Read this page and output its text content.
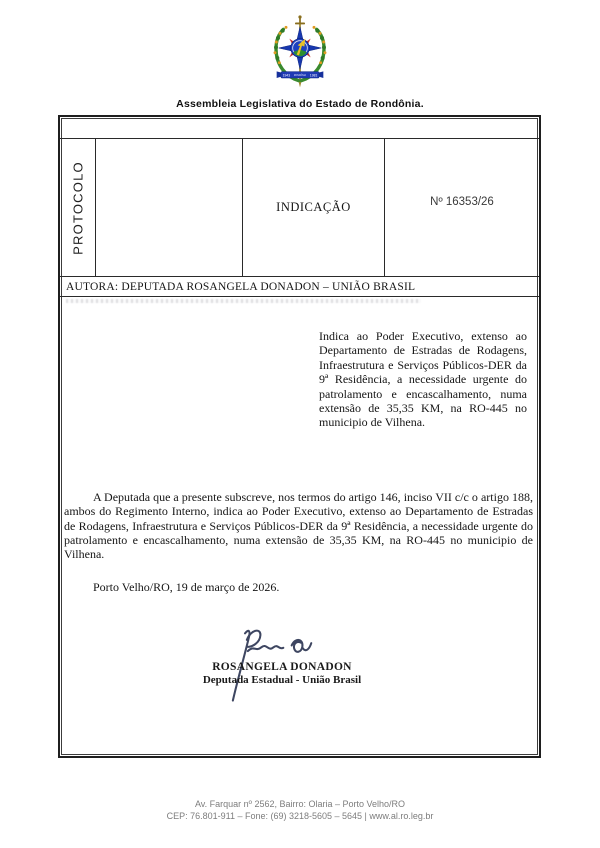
1943 RONDÔNIA 1981
Assembleia Legislativa do Estado de Rondônia.
PROTOCOLO	INDICAÇÃO	Nº 16353/26
AUTORA: DEPUTADA ROSANGELA DONADON – UNIÃO BRASIL
Indica ao Poder Executivo, extenso ao Departamento de Estradas de Rodagens, Infraestrutura e Serviços Públicos-DER da 9ª Residência, a necessidade urgente do patrolamento e encascalhamento, numa extensão de 35,35 KM, na RO-445 no municipio de Vilhena.

A Deputada que a presente subscreve, nos termos do artigo 146, inciso VII c/c o artigo 188, ambos do Regimento Interno, indica ao Poder Executivo, extenso ao Departamento de Estradas de Rodagens, Infraestrutura e Serviços Públicos-DER da 9ª Residência, a necessidade urgente do patrolamento e encascalhamento, numa extensão de 35,35 KM, na RO-445 no municipio de Vilhena.

Porto Velho/RO, 19 de março de 2026.

ROSANGELA DONADON
Deputada Estadual - União Brasil
Av. Farquar nº 2562, Bairro: Olaria – Porto Velho/RO
CEP: 76.801-911 – Fone: (69) 3218-5605 – 5645 | www.al.ro.leg.br
